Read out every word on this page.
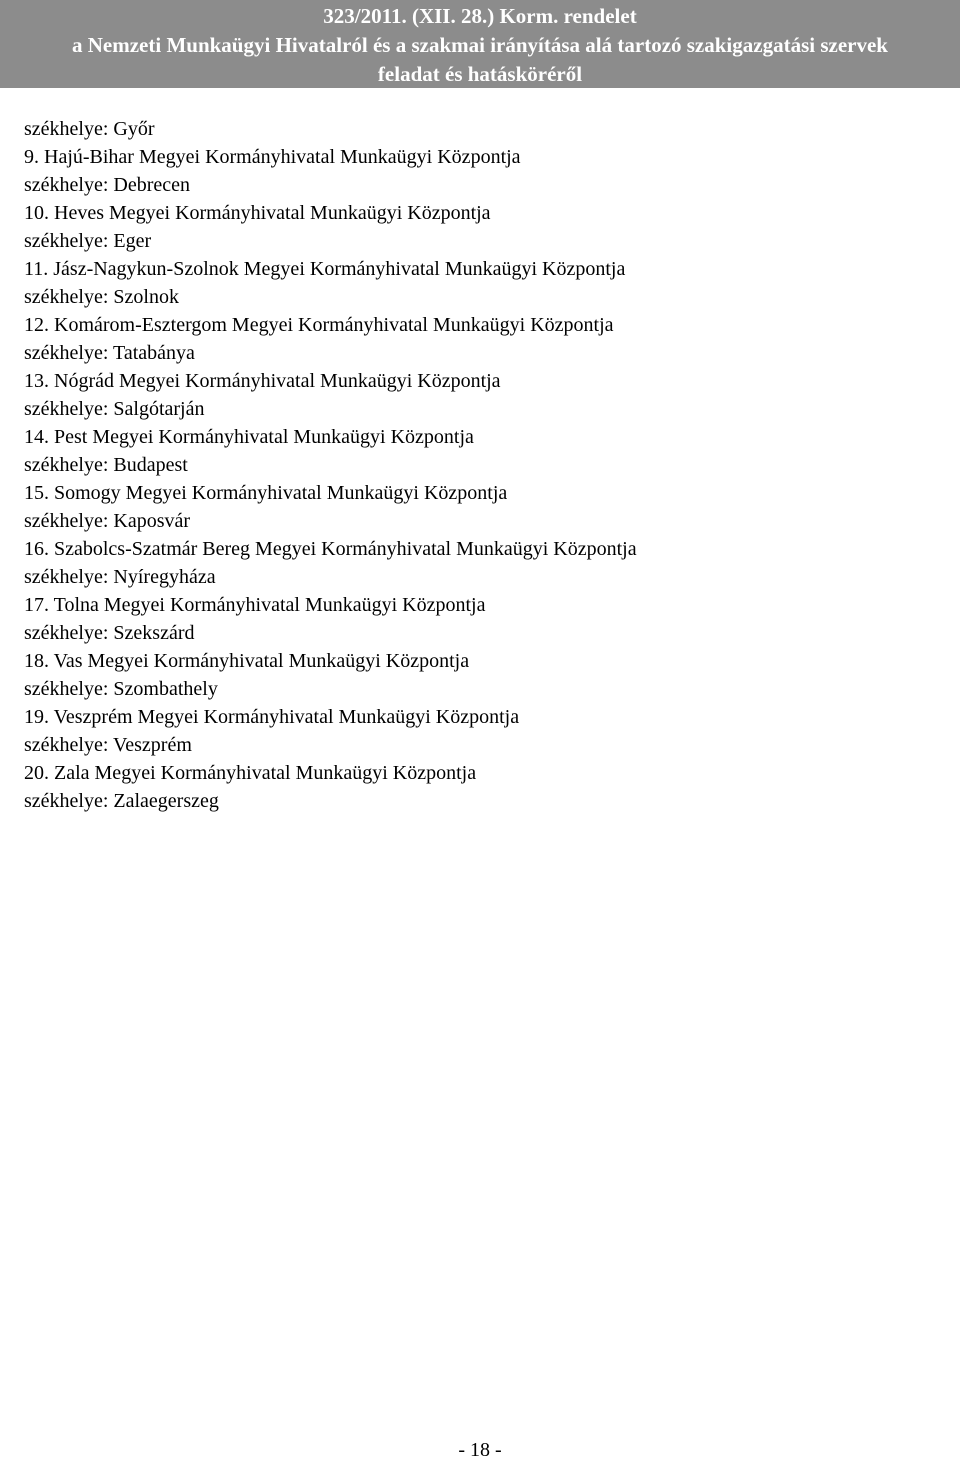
323/2011. (XII. 28.) Korm. rendelet
a Nemzeti Munkaügyi Hivatalról és a szakmai irányítása alá tartozó szakigazgatási szervek
feladat és hatásköréről
székhelye: Győr
9. Hajú-Bihar Megyei Kormányhivatal Munkaügyi Központja
székhelye: Debrecen
10. Heves Megyei Kormányhivatal Munkaügyi Központja
székhelye: Eger
11. Jász-Nagykun-Szolnok Megyei Kormányhivatal Munkaügyi Központja
székhelye: Szolnok
12. Komárom-Esztergom Megyei Kormányhivatal Munkaügyi Központja
székhelye: Tatabánya
13. Nógrád Megyei Kormányhivatal Munkaügyi Központja
székhelye: Salgótarján
14. Pest Megyei Kormányhivatal Munkaügyi Központja
székhelye: Budapest
15. Somogy Megyei Kormányhivatal Munkaügyi Központja
székhelye: Kaposvár
16. Szabolcs-Szatmár Bereg Megyei Kormányhivatal Munkaügyi Központja
székhelye: Nyíregyháza
17. Tolna Megyei Kormányhivatal Munkaügyi Központja
székhelye: Szekszárd
18. Vas Megyei Kormányhivatal Munkaügyi Központja
székhelye: Szombathely
19. Veszprém Megyei Kormányhivatal Munkaügyi Központja
székhelye: Veszprém
20. Zala Megyei Kormányhivatal Munkaügyi Központja
székhelye: Zalaegerszeg
- 18 -
